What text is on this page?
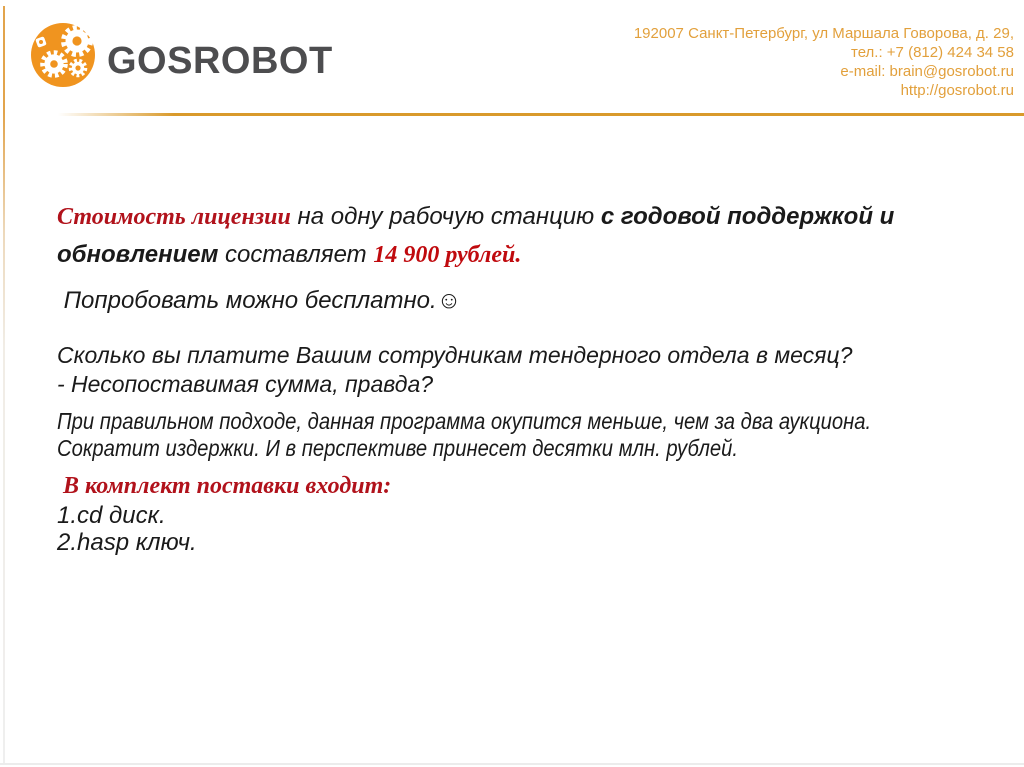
GOSROBOT
192007 Санкт-Петербург, ул Маршала Говорова, д. 29,
тел.: +7 (812) 424 34 58
e-mail: brain@gosrobot.ru
http://gosrobot.ru
Стоимость лицензии на одну рабочую станцию с годовой поддержкой и
обновлением составляет 14 900 рублей.
Попробовать можно бесплатно.☺
Сколько вы платите Вашим сотрудникам тендерного отдела в месяц?
- Несопоставимая сумма, правда?
При правильном подходе, данная программа окупится меньше, чем за два аукциона.
Сократит издержки. И в перспективе принесет десятки млн. рублей.
В комплект поставки входит:
1.cd диск.
2.hasp ключ.
